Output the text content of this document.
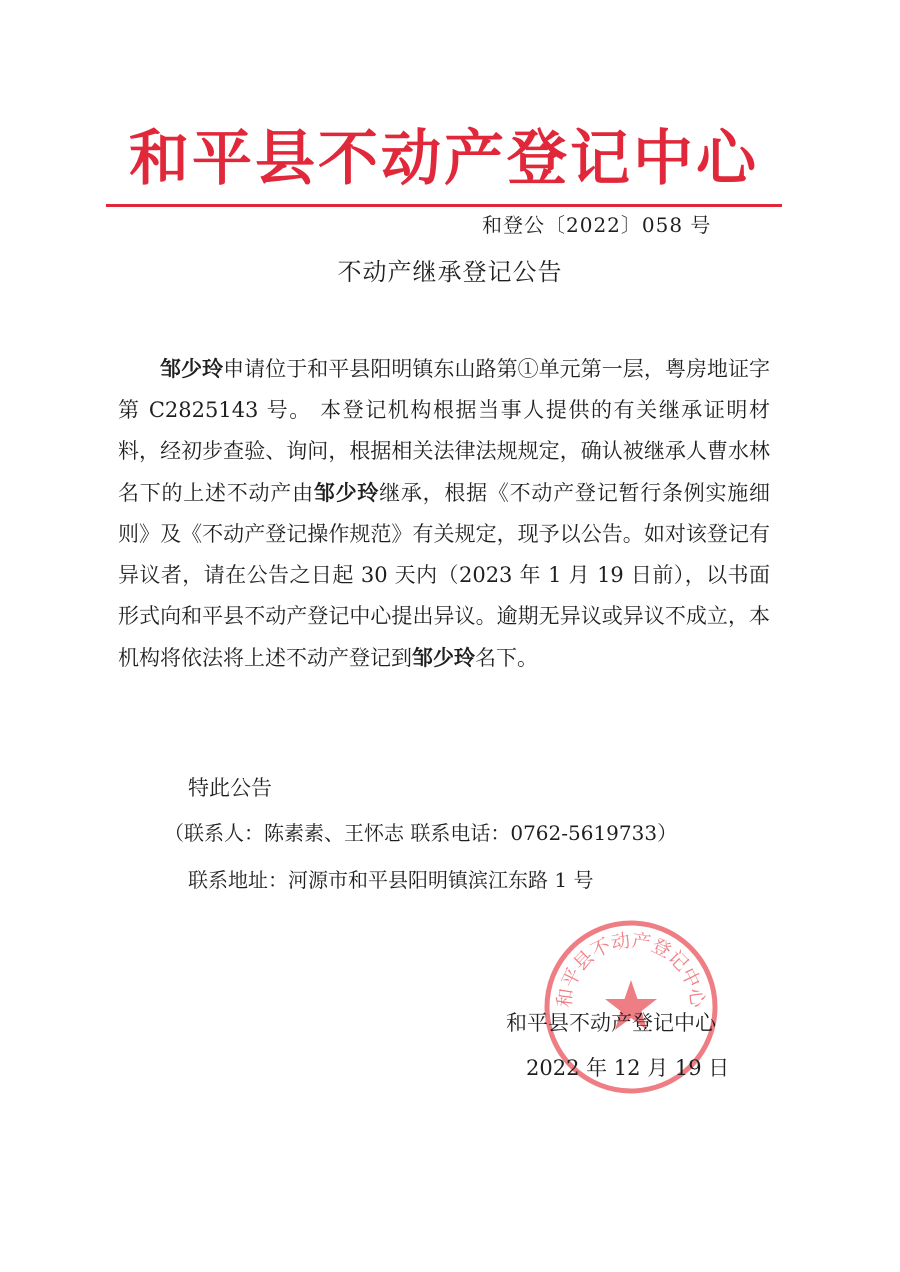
和平县不动产登记中心
和登公〔2022〕058 号
不动产继承登记公告

邹少玲申请位于和平县阳明镇东山路第①单元第一层，粤房地证字第 C2825143 号。 本登记机构根据当事人提供的有关继承证明材料，经初步查验、询问，根据相关法律法规规定，确认被继承人曹水林名下的上述不动产由邹少玲继承，根据《不动产登记暂行条例实施细则》及《不动产登记操作规范》有关规定，现予以公告。如对该登记有异议者，请在公告之日起 30 天内（2023 年 1 月 19 日前），以书面形式向和平县不动产登记中心提出异议。逾期无异议或异议不成立，本机构将依法将上述不动产登记到邹少玲名下。

特此公告
（联系人：陈素素、王怀志 联系电话：0762-5619733）
联系地址：河源市和平县阳明镇滨江东路 1 号
和平县不动产登记中心
和平县不动产登记中心
2022 年 12 月 19 日
